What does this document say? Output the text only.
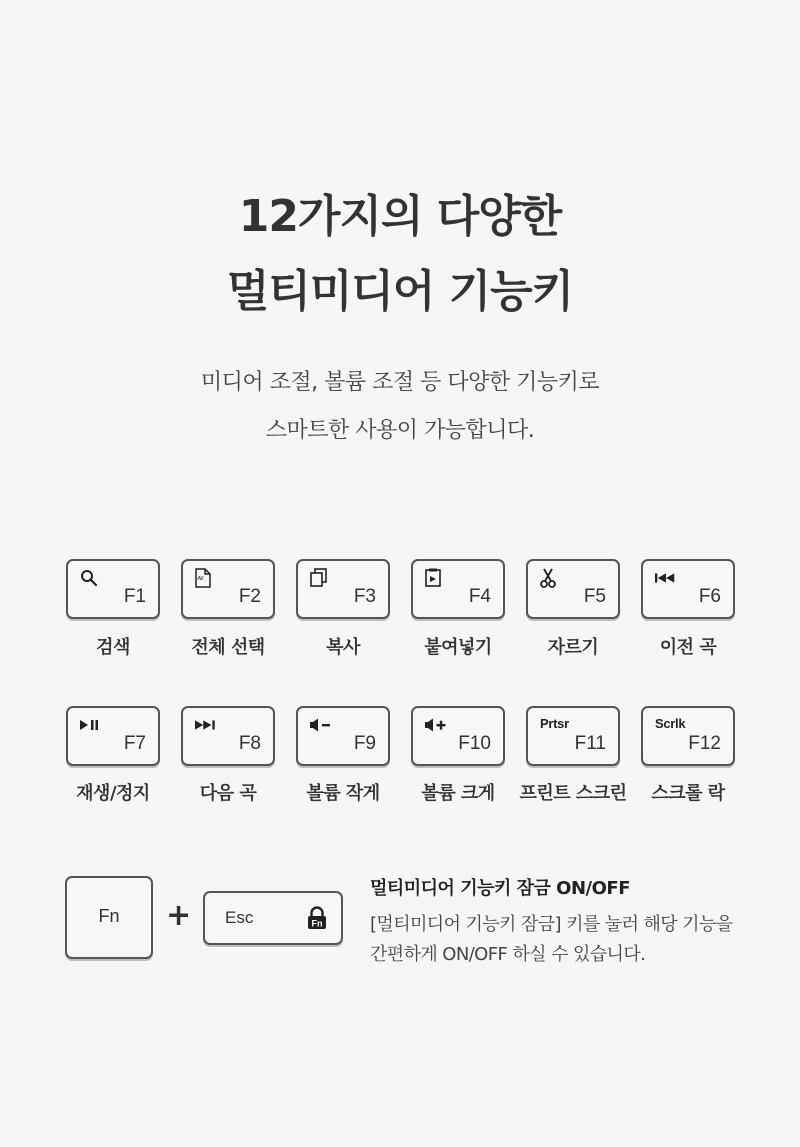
12가지의 다양한
멀티미디어 기능키
미디어 조절, 볼륨 조절 등 다양한 기능키로
스마트한 사용이 가능합니다.
F1
검색
All
F2
전체 선택
F3
복사
F4
붙여넣기
F5
자르기
F6
이전 곡
F7
재생/정지
F8
다음 곡
F9
볼륨 작게
F10
볼륨 크게
Prtsr
F11
프린트 스크린
Scrlk
F12
스크롤 락
Fn	+ Esc	Fn
멀티미디어 기능키 잠금 ON/OFF
[멀티미디어 기능키 잠금] 키를 눌러 해당 기능을
간편하게 ON/OFF 하실 수 있습니다.
